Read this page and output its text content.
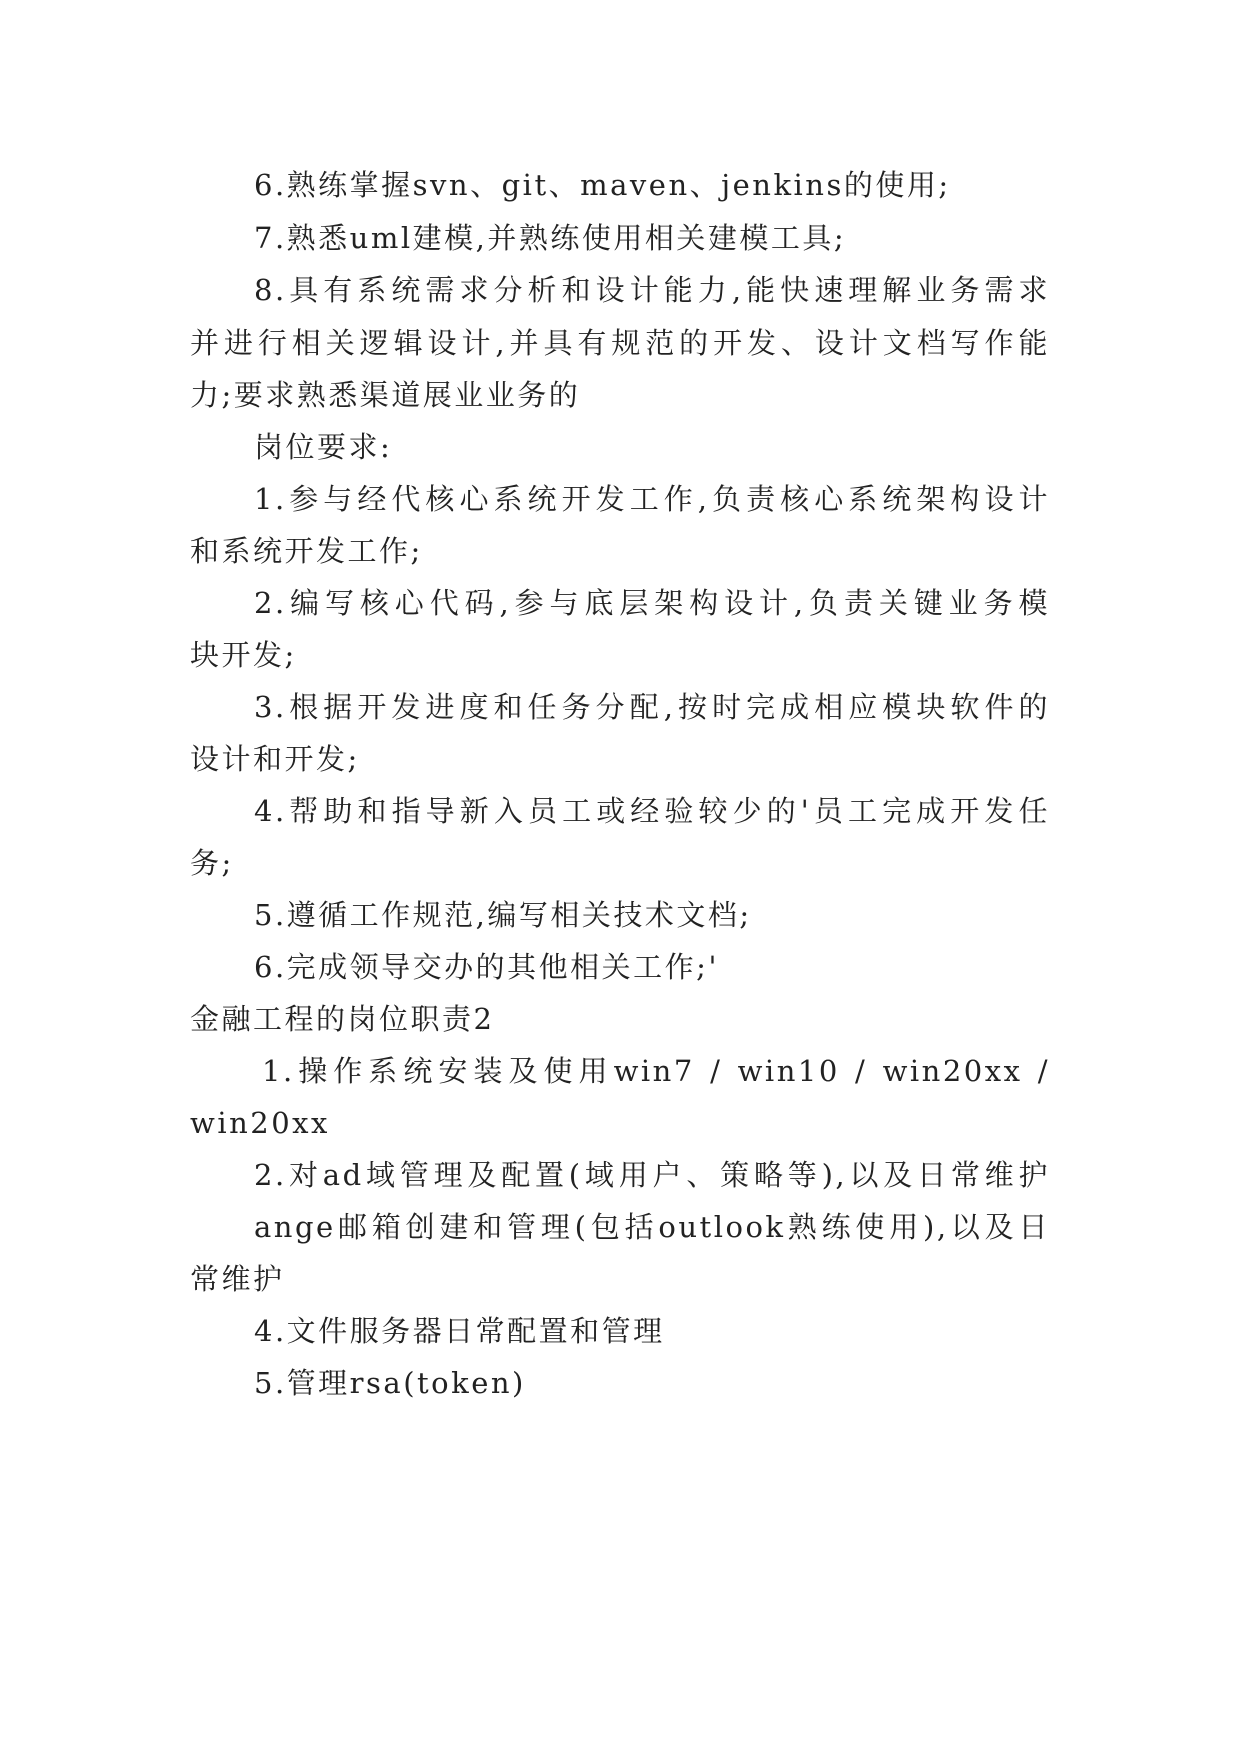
6.熟练掌握svn、git、maven、jenkins的使用;

7.熟悉uml建模,并熟练使用相关建模工具;

8.具有系统需求分析和设计能力,能快速理解业务需求

并进行相关逻辑设计,并具有规范的开发、设计文档写作能

力;要求熟悉渠道展业业务的

岗位要求:

1.参与经代核心系统开发工作,负责核心系统架构设计

和系统开发工作;

2.编写核心代码,参与底层架构设计,负责关键业务模

块开发;

3.根据开发进度和任务分配,按时完成相应模块软件的

设计和开发;

4.帮助和指导新入员工或经验较少的'员工完成开发任

务;

5.遵循工作规范,编写相关技术文档;

6.完成领导交办的其他相关工作;'

金融工程的岗位职责2

1.操作系统安装及使用win7 / win10 / win20xx /

win20xx

2.对ad域管理及配置(域用户、策略等),以及日常维护

ange邮箱创建和管理(包括outlook熟练使用),以及日

常维护

4.文件服务器日常配置和管理

5.管理rsa(token)
